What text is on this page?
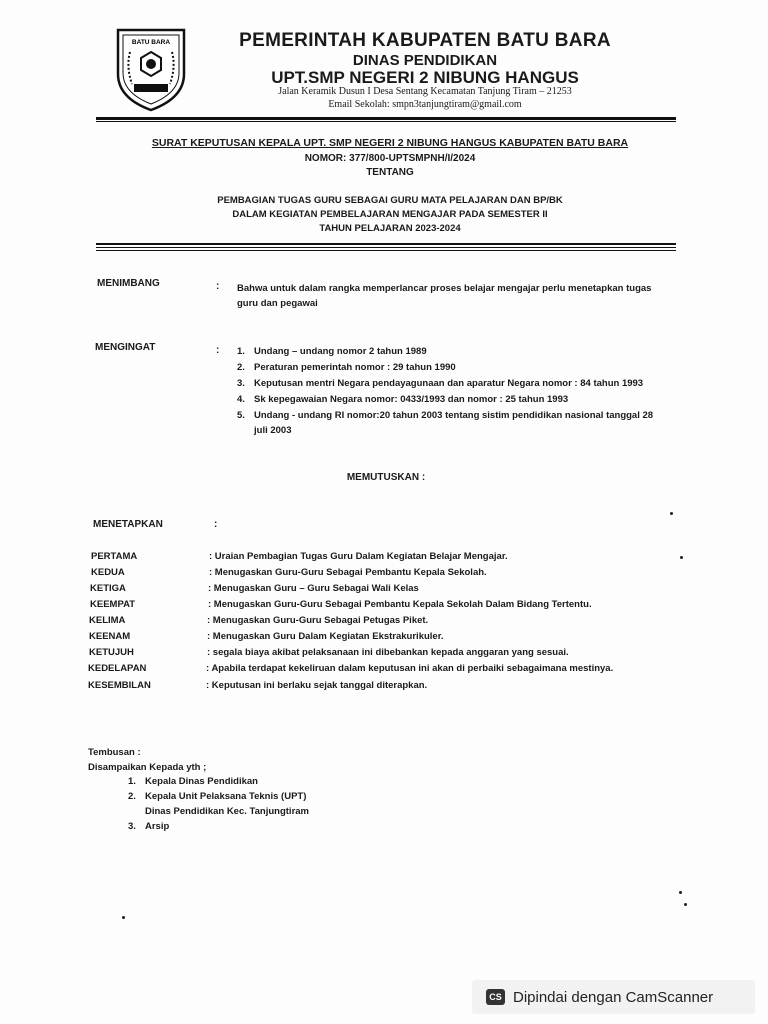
BATU BARA	PEMERINTAH KABUPATEN BATU BARA
DINAS PENDIDIKAN
UPT.SMP NEGERI 2 NIBUNG HANGUS
Jalan Keramik Dusun I Desa Sentang Kecamatan Tanjung Tiram – 21253
Email Sekolah: smpn3tanjungtiram@gmail.com
SURAT KEPUTUSAN KEPALA UPT. SMP NEGERI 2 NIBUNG HANGUS KABUPATEN BATU BARA
NOMOR: 377/800-UPTSMPNH/I/2024
TENTANG
PEMBAGIAN TUGAS GURU SEBAGAI GURU MATA PELAJARAN DAN BP/BK
DALAM KEGIATAN PEMBELAJARAN MENGAJAR PADA SEMESTER II
TAHUN PELAJARAN 2023-2024
MENIMBANG	: Bahwa untuk dalam rangka memperlancar proses belajar mengajar perlu menetapkan tugas
guru dan pegawai
MENGINGAT	: 1. Undang – undang nomor 2 tahun 1989
2. Peraturan pemerintah nomor : 29 tahun 1990
3. Keputusan mentri Negara pendayagunaan dan aparatur Negara nomor : 84 tahun 1993
4. Sk kepegawaian Negara nomor: 0433/1993 dan nomor : 25 tahun 1993
5. Undang - undang RI nomor:20 tahun 2003 tentang sistim pendidikan nasional tanggal 28
juli 2003
MEMUTUSKAN :
MENETAPKAN	:
PERTAMA	: Uraian Pembagian Tugas Guru Dalam Kegiatan Belajar Mengajar.
KEDUA	: Menugaskan Guru-Guru Sebagai Pembantu Kepala Sekolah.
KETIGA	: Menugaskan Guru – Guru Sebagai Wali Kelas
KEEMPAT	: Menugaskan Guru-Guru Sebagai Pembantu Kepala Sekolah Dalam Bidang Tertentu.
KELIMA	: Menugaskan Guru-Guru Sebagai Petugas Piket.
KEENAM	: Menugaskan Guru Dalam Kegiatan Ekstrakurikuler.
KETUJUH	: segala biaya akibat pelaksanaan ini dibebankan kepada anggaran yang sesuai.
KEDELAPAN	: Apabila terdapat kekeliruan dalam keputusan ini akan di perbaiki sebagaimana mestinya.
KESEMBILAN	: Keputusan ini berlaku sejak tanggal diterapkan.
Tembusan :
Disampaikan Kepada yth ;
1. Kepala Dinas Pendidikan
2. Kepala Unit Pelaksana Teknis (UPT)
Dinas Pendidikan Kec. Tanjungtiram
3. Arsip
CS Dipindai dengan CamScanner
